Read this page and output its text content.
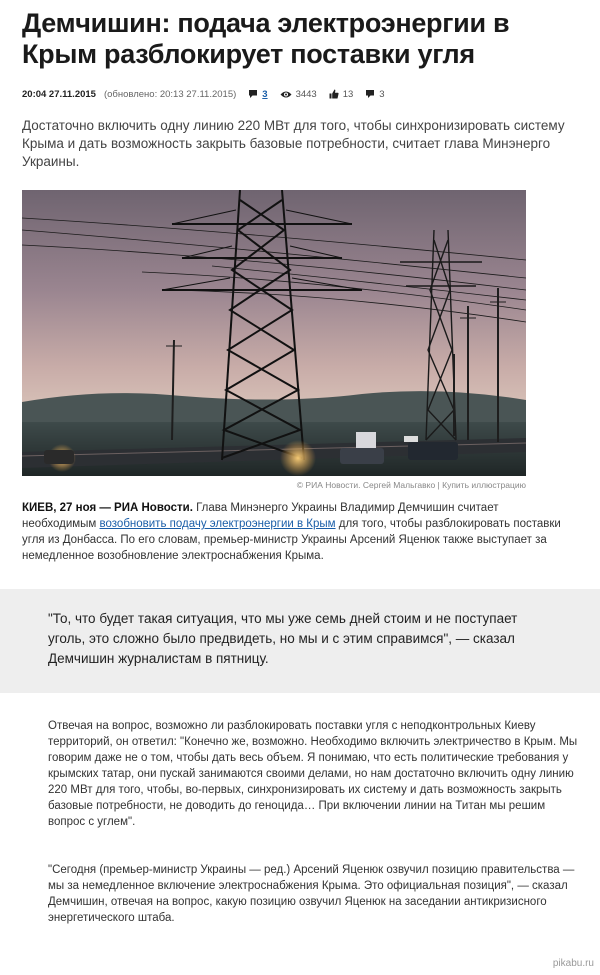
Демчишин: подача электроэнергии в Крым разблокирует поставки угля
20:04 27.11.2015 (обновлено: 20:13 27.11.2015)	3	3443	13	3

Достаточно включить одну линию 220 МВт для того, чтобы синхронизировать систему Крыма и дать возможность закрыть базовые потребности, считает глава Минэнерго Украины.

© РИА Новости. Сергей Мальгавко | Купить иллюстрацию

КИЕВ, 27 ноя — РИА Новости. Глава Минэнерго Украины Владимир Демчишин считает необходимым возобновить подачу электроэнергии в Крым для того, чтобы разблокировать поставки угля из Донбасса. По его словам, премьер-министр Украины Арсений Яценюк также выступает за немедленное возобновление электроснабжения Крыма.

"То, что будет такая ситуация, что мы уже семь дней стоим и не поступает уголь, это сложно было предвидеть, но мы и с этим справимся", — сказал Демчишин журналистам в пятницу.

Отвечая на вопрос, возможно ли разблокировать поставки угля с неподконтрольных Киеву территорий, он ответил: "Конечно же, возможно. Необходимо включить электричество в Крым. Мы говорим даже не о том, чтобы дать весь объем. Я понимаю, что есть политические требования у крымских татар, они пускай занимаются своими делами, но нам достаточно включить одну линию 220 МВт для того, чтобы, во-первых, синхронизировать их систему и дать возможность закрыть базовые потребности, не доводить до геноцида… При включении линии на Титан мы решим вопрос с углем".

"Сегодня (премьер-министр Украины — ред.) Арсений Яценюк озвучил позицию правительства — мы за немедленное включение электроснабжения Крыма. Это официальная позиция", — сказал Демчишин, отвечая на вопрос, какую позицию озвучил Яценюк на заседании антикризисного энергетического штаба.

pikabu.ru
